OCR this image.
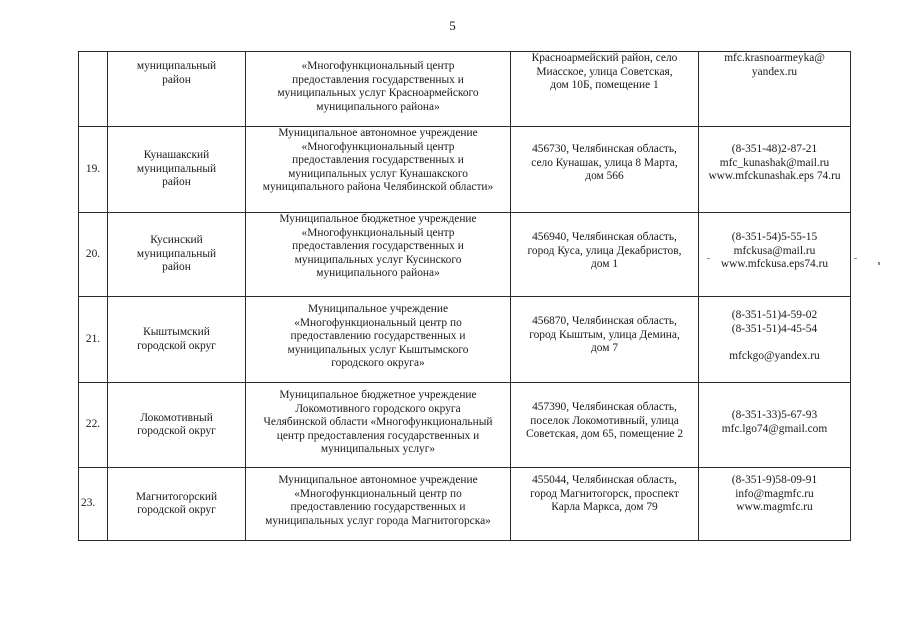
5

	муниципальный
район	«Многофункциональный центр
предоставления государственных и
муниципальных услуг Красноармейского
муниципального района»	Красноармейский район, село
Миасское, улица Советская,
дом 10Б, помещение 1	mfc.krasnoarmeyka@
yandex.ru

19.	Кунашакский
муниципальный
район	Муниципальное автономное учреждение
«Многофункциональный центр
предоставления государственных и
муниципальных услуг Кунашакского
муниципального района Челябинской области»	456730, Челябинская область,
село Кунашак, улица 8 Марта,
дом 566	(8-351-48)2-87-21
mfc_kunashak@mail.ru
www.mfckunashak.eps 74.ru

20.	Кусинский
муниципальный
район	Муниципальное бюджетное учреждение
«Многофункциональный центр
предоставления государственных и
муниципальных услуг Кусинского
муниципального района»	456940, Челябинская область,
город Куса, улица Декабристов,
дом 1	(8-351-54)5-55-15
mfckusa@mail.ru
www.mfckusa.eps74.ru

21.	Кыштымский
городской округ	Муниципальное учреждение
«Многофункциональный центр по
предоставлению государственных и
муниципальных услуг Кыштымского
городского округа»	456870, Челябинская область,
город Кыштым, улица Демина,
дом 7	(8-351-51)4-59-02
(8-351-51)4-45-54
mfckgo@yandex.ru

22.	Локомотивный
городской округ	Муниципальное бюджетное учреждение
Локомотивного городского округа
Челябинской области «Многофункциональный
центр предоставления государственных и
муниципальных услуг»	457390, Челябинская область,
поселок Локомотивный, улица
Советская, дом 65, помещение 2	(8-351-33)5-67-93
mfc.lgo74@gmail.com

23.	Магнитогорский
городской округ	Муниципальное автономное учреждение
«Многофункциональный центр по
предоставлению государственных и
муниципальных услуг города Магнитогорска»	455044, Челябинская область,
город Магнитогорск, проспект
Карла Маркса, дом 79	(8-351-9)58-09-91
info@magmfc.ru
www.magmfc.ru
